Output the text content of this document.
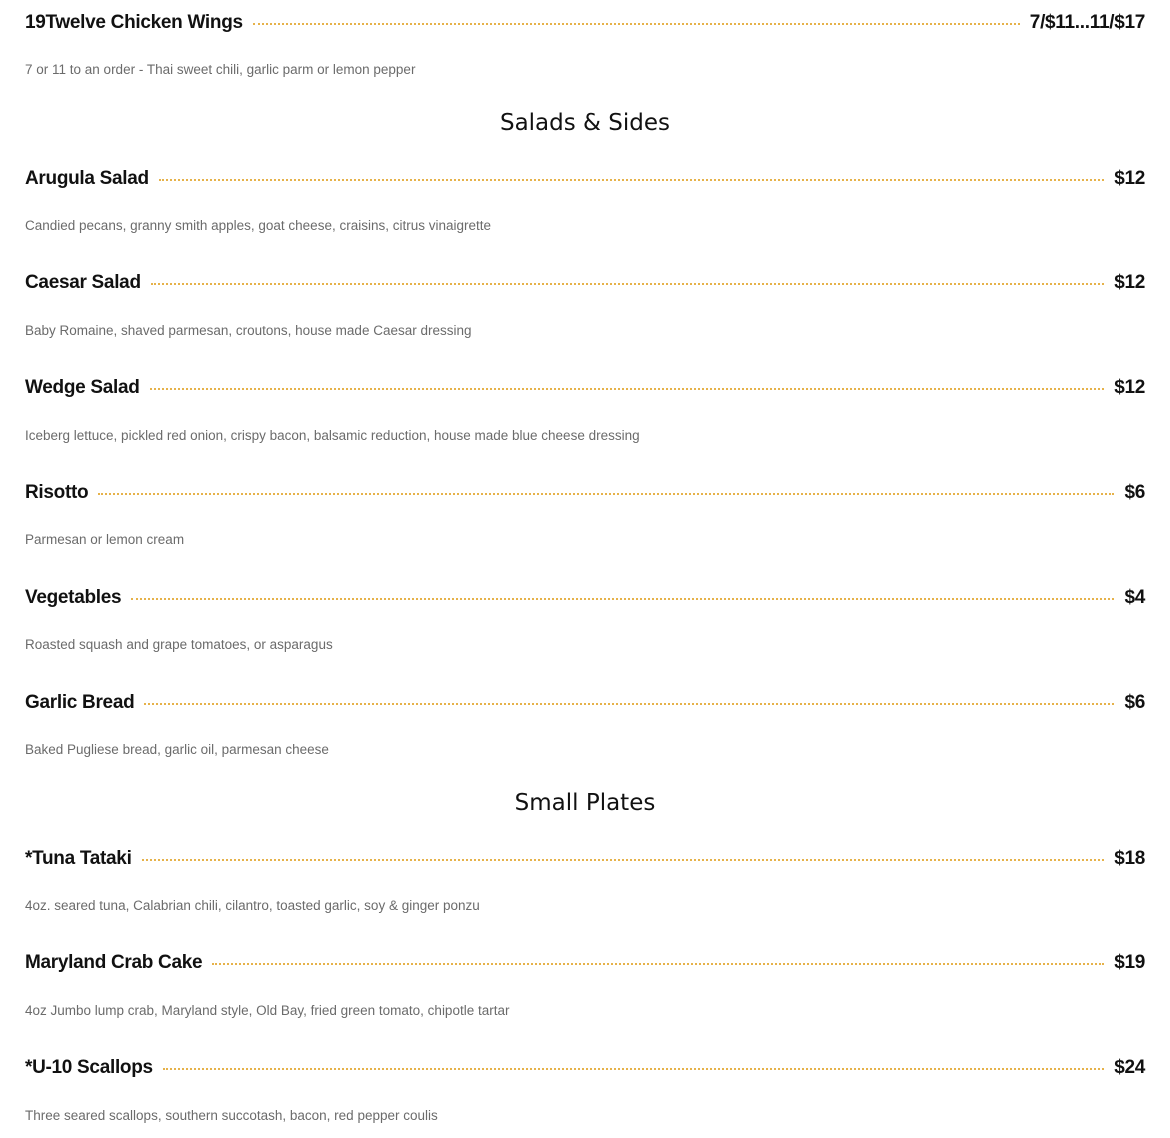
19Twelve Chicken Wings	7/$11...11/$17
7 or 11 to an order - Thai sweet chili, garlic parm or lemon pepper
Salads & Sides
Arugula Salad	$12
Candied pecans, granny smith apples, goat cheese, craisins, citrus vinaigrette
Caesar Salad	$12
Baby Romaine, shaved parmesan, croutons, house made Caesar dressing
Wedge Salad	$12
Iceberg lettuce, pickled red onion, crispy bacon, balsamic reduction, house made blue cheese dressing
Risotto	$6
Parmesan or lemon cream
Vegetables	$4
Roasted squash and grape tomatoes, or asparagus
Garlic Bread	$6
Baked Pugliese bread, garlic oil, parmesan cheese
Small Plates
*Tuna Tataki	$18
4oz. seared tuna, Calabrian chili, cilantro, toasted garlic, soy & ginger ponzu
Maryland Crab Cake	$19
4oz Jumbo lump crab, Maryland style, Old Bay, fried green tomato, chipotle tartar
*U-10 Scallops	$24
Three seared scallops, southern succotash, bacon, red pepper coulis
